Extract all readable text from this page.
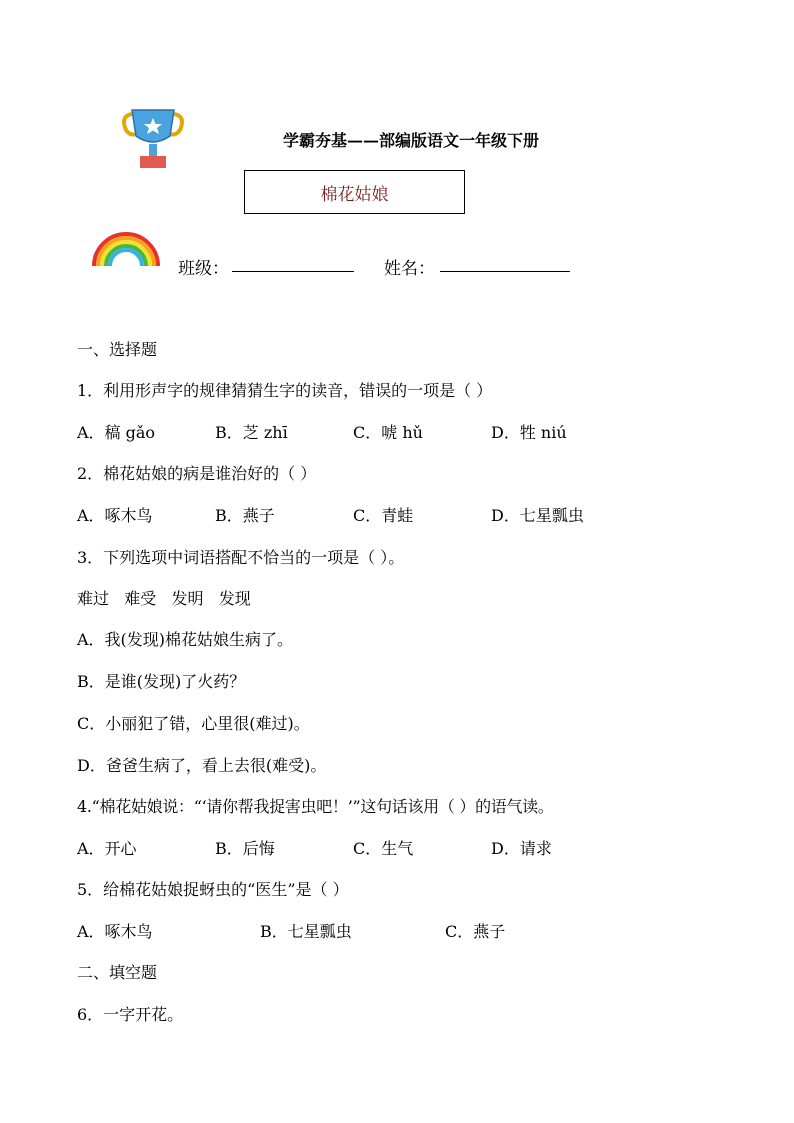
学霸夯基——部编版语文一年级下册
棉花姑娘
班级：	姓名：
一、选择题
1．利用形声字的规律猜猜生字的读音，错误的一项是（ ）
A．稿 gǎo	B．芝 zhī	C．唬 hǔ	D．牲 niú
2．棉花姑娘的病是谁治好的（ ）
A．啄木鸟	B．燕子	C．青蛙	D．七星瓢虫
3．下列选项中词语搭配不恰当的一项是（ ）。
难过   难受   发明   发现
A．我(发现)棉花姑娘生病了。
B．是谁(发现)了火药？
C．小丽犯了错，心里很(难过)。
D．爸爸生病了，看上去很(难受)。
4.“棉花姑娘说：“‘请你帮我捉害虫吧！’”这句话该用（ ）的语气读。
A．开心	B．后悔	C．生气	D．请求
5．给棉花姑娘捉蚜虫的“医生”是（ ）
A．啄木鸟	B．七星瓢虫	C．燕子
二、填空题
6．一字开花。
